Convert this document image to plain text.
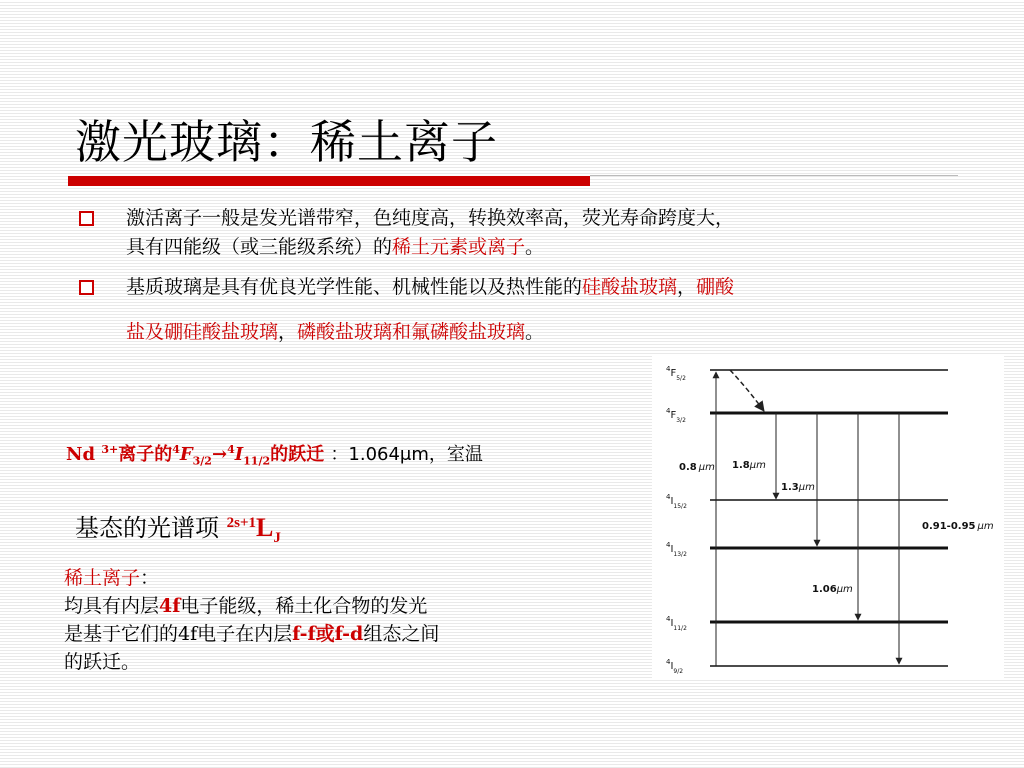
激光玻璃：稀土离子
激活离子一般是发光谱带窄，色纯度高，转换效率高，荧光寿命跨度大，
具有四能级（或三能级系统）的稀土元素或离子。
基质玻璃是具有优良光学性能、机械性能以及热性能的硅酸盐玻璃，硼酸
盐及硼硅酸盐玻璃，磷酸盐玻璃和氟磷酸盐玻璃。
Nd $^{3+}$离子的$^4F_{3/2}\to^4I_{11/2}$的跃迁 ：1.064μm，室温
基态的光谱项 $^{2s+1}L_J$
稀土离子：
均具有内层4f电子能级，稀土化合物的发光
是基于它们的4f电子在内层f-f或f-d组态之间
的跃迁。
$^4F_{5/2}$
$^4F_{3/2}$
$^4I_{15/2}$
$^4I_{13/2}$
$^4I_{11/2}$
$^4I_{9/2}$
0.8 μm 1.8μm
1.3μm
0.91-0.95 μm
1.06μm
